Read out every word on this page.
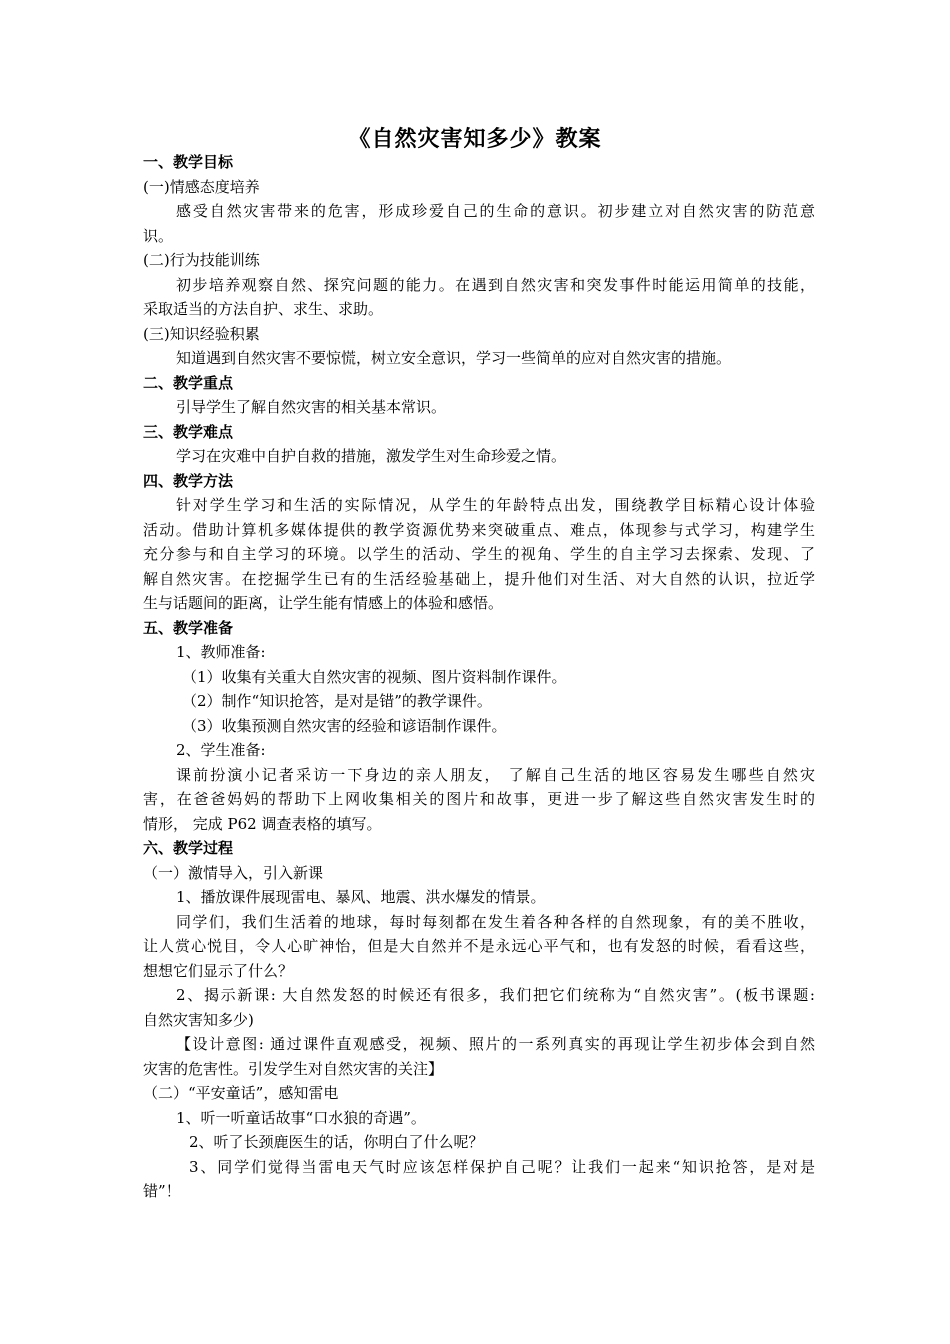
《自然灾害知多少》教案
一、教学目标
(一)情感态度培养
感受自然灾害带来的危害，形成珍爱自己的生命的意识。初步建立对自然灾害的防范意
识。
(二)行为技能训练
初步培养观察自然、探究问题的能力。在遇到自然灾害和突发事件时能运用简单的技能，
采取适当的方法自护、求生、求助。
(三)知识经验积累
知道遇到自然灾害不要惊慌，树立安全意识，学习一些简单的应对自然灾害的措施。
二、教学重点
引导学生了解自然灾害的相关基本常识。
三、教学难点
学习在灾难中自护自救的措施，激发学生对生命珍爱之情。
四、教学方法
针对学生学习和生活的实际情况，从学生的年龄特点出发，围绕教学目标精心设计体验
活动。借助计算机多媒体提供的教学资源优势来突破重点、难点，体现参与式学习，构建学生
充分参与和自主学习的环境。以学生的活动、学生的视角、学生的自主学习去探索、发现、了
解自然灾害。在挖掘学生已有的生活经验基础上，提升他们对生活、对大自然的认识，拉近学
生与话题间的距离，让学生能有情感上的体验和感悟。
五、教学准备
1、教师准备:
（1）收集有关重大自然灾害的视频、图片资料制作课件。
（2）制作“知识抢答，是对是错”的教学课件。
（3）收集预测自然灾害的经验和谚语制作课件。
2、学生准备:
课前扮演小记者采访一下身边的亲人朋友， 了解自己生活的地区容易发生哪些自然灾
害，在爸爸妈妈的帮助下上网收集相关的图片和故事，更进一步了解这些自然灾害发生时的
情形， 完成 P62 调查表格的填写。
六、教学过程
（一）激情导入，引入新课
1、播放课件展现雷电、暴风、地震、洪水爆发的情景。
同学们，我们生活着的地球，每时每刻都在发生着各种各样的自然现象，有的美不胜收，
让人赏心悦目，令人心旷神怡，但是大自然并不是永远心平气和，也有发怒的时候，看看这些，
想想它们显示了什么？
2、揭示新课: 大自然发怒的时候还有很多，我们把它们统称为“自然灾害”。(板书课题:
自然灾害知多少)
【设计意图: 通过课件直观感受，视频、照片的一系列真实的再现让学生初步体会到自然
灾害的危害性。引发学生对自然灾害的关注】
（二）“平安童话”，感知雷电
1、听一听童话故事“口水狼的奇遇”。
2、听了长颈鹿医生的话，你明白了什么呢？
3、同学们觉得当雷电天气时应该怎样保护自己呢？让我们一起来“知识抢答，是对是
错”！
